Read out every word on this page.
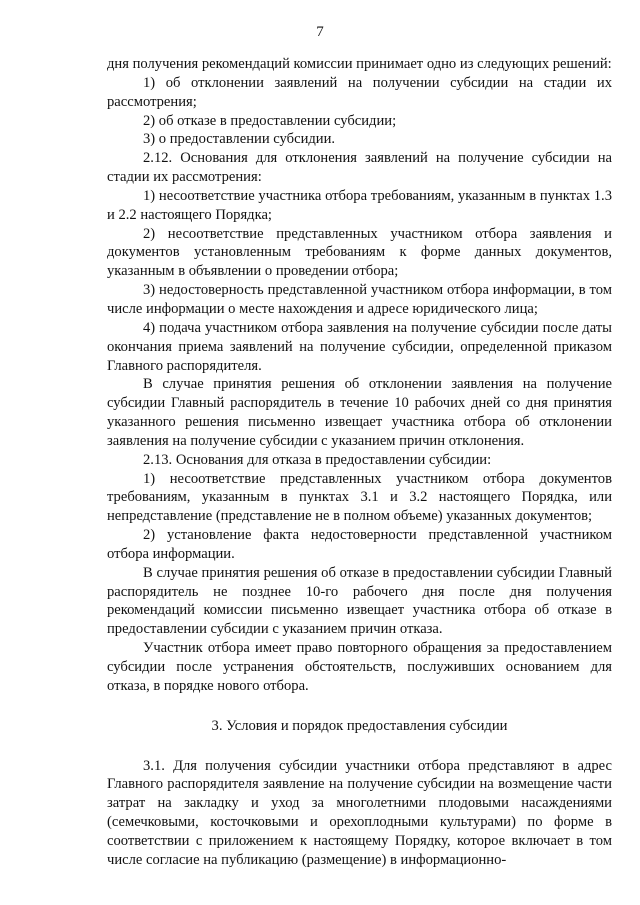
7

дня получения рекомендаций комиссии принимает одно из следующих решений:

1) об отклонении заявлений на получении субсидии на стадии их рассмотрения;

2) об отказе в предоставлении субсидии;

3) о предоставлении субсидии.

2.12. Основания для отклонения заявлений на получение субсидии на стадии их рассмотрения:

1) несоответствие участника отбора требованиям, указанным в пунктах 1.3 и 2.2 настоящего Порядка;

2) несоответствие представленных участником отбора заявления и документов установленным требованиям к форме данных документов, указанным в объявлении о проведении отбора;

3) недостоверность представленной участником отбора информации, в том числе информации о месте нахождения и адресе юридического лица;

4) подача участником отбора заявления на получение субсидии после даты окончания приема заявлений на получение субсидии, определенной приказом Главного распорядителя.

В случае принятия решения об отклонении заявления на получение субсидии Главный распорядитель в течение 10 рабочих дней со дня принятия указанного решения письменно извещает участника отбора об отклонении заявления на получение субсидии с указанием причин отклонения.

2.13. Основания для отказа в предоставлении субсидии:

1) несоответствие представленных участником отбора документов требованиям, указанным в пунктах 3.1 и 3.2 настоящего Порядка, или непредставление (представление не в полном объеме) указанных документов;

2) установление факта недостоверности представленной участником отбора информации.

В случае принятия решения об отказе в предоставлении субсидии Главный распорядитель не позднее 10-го рабочего дня после дня получения рекомендаций комиссии письменно извещает участника отбора об отказе в предоставлении субсидии с указанием причин отказа.

Участник отбора имеет право повторного обращения за предоставлением субсидии после устранения обстоятельств, послуживших основанием для отказа, в порядке нового отбора.

3. Условия и порядок предоставления субсидии

3.1. Для получения субсидии участники отбора представляют в адрес Главного распорядителя заявление на получение субсидии на возмещение части затрат на закладку и уход за многолетними плодовыми насаждениями (семечковыми, косточковыми и орехоплодными культурами) по форме в соответствии с приложением к настоящему Порядку, которое включает в том числе согласие на публикацию (размещение) в информационно-
